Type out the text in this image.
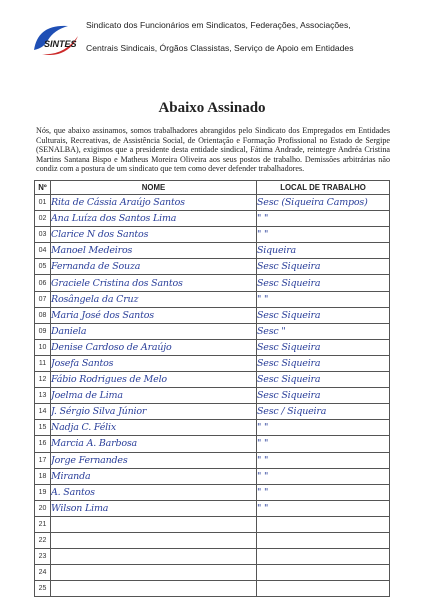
SINTES
Sindicato dos Funcionários em Sindicatos, Federações, Associações,
Centrais Sindicais, Órgãos Classistas, Serviço de Apoio em Entidades
Abaixo Assinado
Nós, que abaixo assinamos, somos trabalhadores abrangidos pelo Sindicato dos Empregados em Entidades Culturais, Recreativas, de Assistência Social, de Orientação e Formação Profissional no Estado de Sergipe (SENALBA), exigimos que a presidente desta entidade sindical, Fátima Andrade, reintegre Andréa Cristina Martins Santana Bispo e Matheus Moreira Oliveira aos seus postos de trabalho. Demissões arbitrárias não condiz com a postura de um sindicato que tem como dever defender trabalhadores.
Nº	NOME	LOCAL DE TRABALHO
01	Rita de Cássia Araújo Santos	Sesc (Siqueira Campos)
02	Ana Luíza dos Santos Lima	" "
03	Clarice N dos Santos	" "
04	Manoel Medeiros	Siqueira
05	Fernanda de Souza	Sesc Siqueira
06	Graciele Cristina dos Santos	Sesc Siqueira
07	Rosângela da Cruz	" "
08	Maria José dos Santos	Sesc Siqueira
09	Daniela	Sesc "
10	Denise Cardoso de Araújo	Sesc Siqueira
11	Josefa Santos	Sesc Siqueira
12	Fábio Rodrigues de Melo	Sesc Siqueira
13	Joelma de Lima	Sesc Siqueira
14	J. Sérgio Silva Júnior	Sesc / Siqueira
15	Nadja C. Félix	" "
16	Marcia A. Barbosa	" "
17	Jorge Fernandes	" "
18	Miranda	" "
19	A. Santos	" "
20	Wilson Lima	" "
21		
22		
23		
24		
25		
